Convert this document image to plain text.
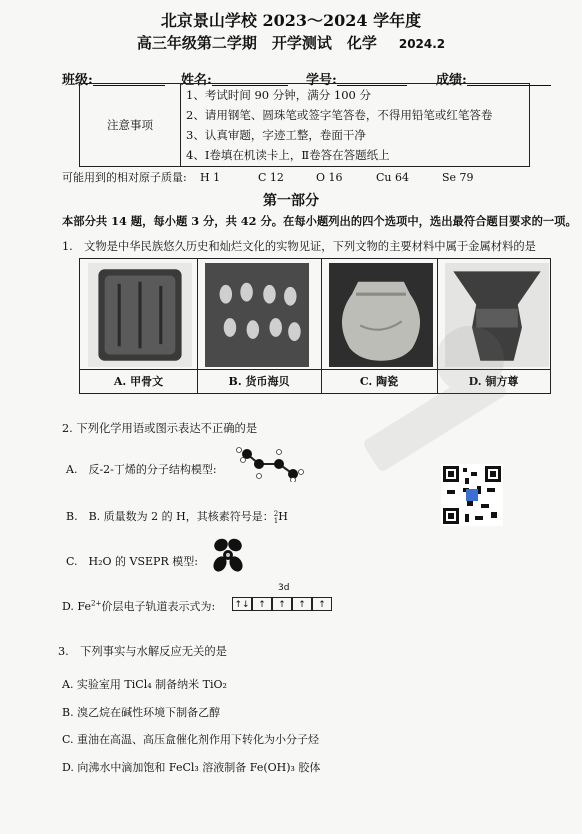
北京景山学校 2023～2024 学年度
高三年级第二学期　开学测试　化学 2024.2
班级:	姓名:	学号:	成绩:
注意事项
1、考试时间 90 分钟，满分 100 分
2、请用钢笔、圆珠笔或签字笔答卷，不得用铅笔或红笔答卷
3、认真审题，字迹工整，卷面干净
4、Ⅰ卷填在机读卡上，Ⅱ卷答在答题纸上
可能用到的相对原子质量: H 1	C 12	O 16	Cu 64	Se 79
第一部分
本部分共 14 题，每小题 3 分，共 42 分。在每小题列出的四个选项中，选出最符合题目要求的一项。
1.　文物是中华民族悠久历史和灿烂文化的实物见证，下列文物的主要材料中属于金属材料的是
A. 甲骨文	B. 货币海贝	C. 陶瓷	D. 铜方尊
2. 下列化学用语或图示表达不正确的是
A.　反-2-丁烯的分子结构模型:
B.　B. 质量数为 2 的 H，其核素符号是： 2
1 H
C.　H₂O 的 VSEPR 模型:
D. $Fe^{2+}$价层电子轨道表示式为:
3d
↑↓ ↑	↑	↑	↑
3.　下列事实与水解反应无关的是
A. 实验室用 TiCl₄ 制备纳米 TiO₂
B. 溴乙烷在碱性环境下制备乙醇
C. 重油在高温、高压盒催化剂作用下转化为小分子烃
D. 向沸水中滴加饱和 FeCl₃ 溶液制备 Fe(OH)₃ 胶体
